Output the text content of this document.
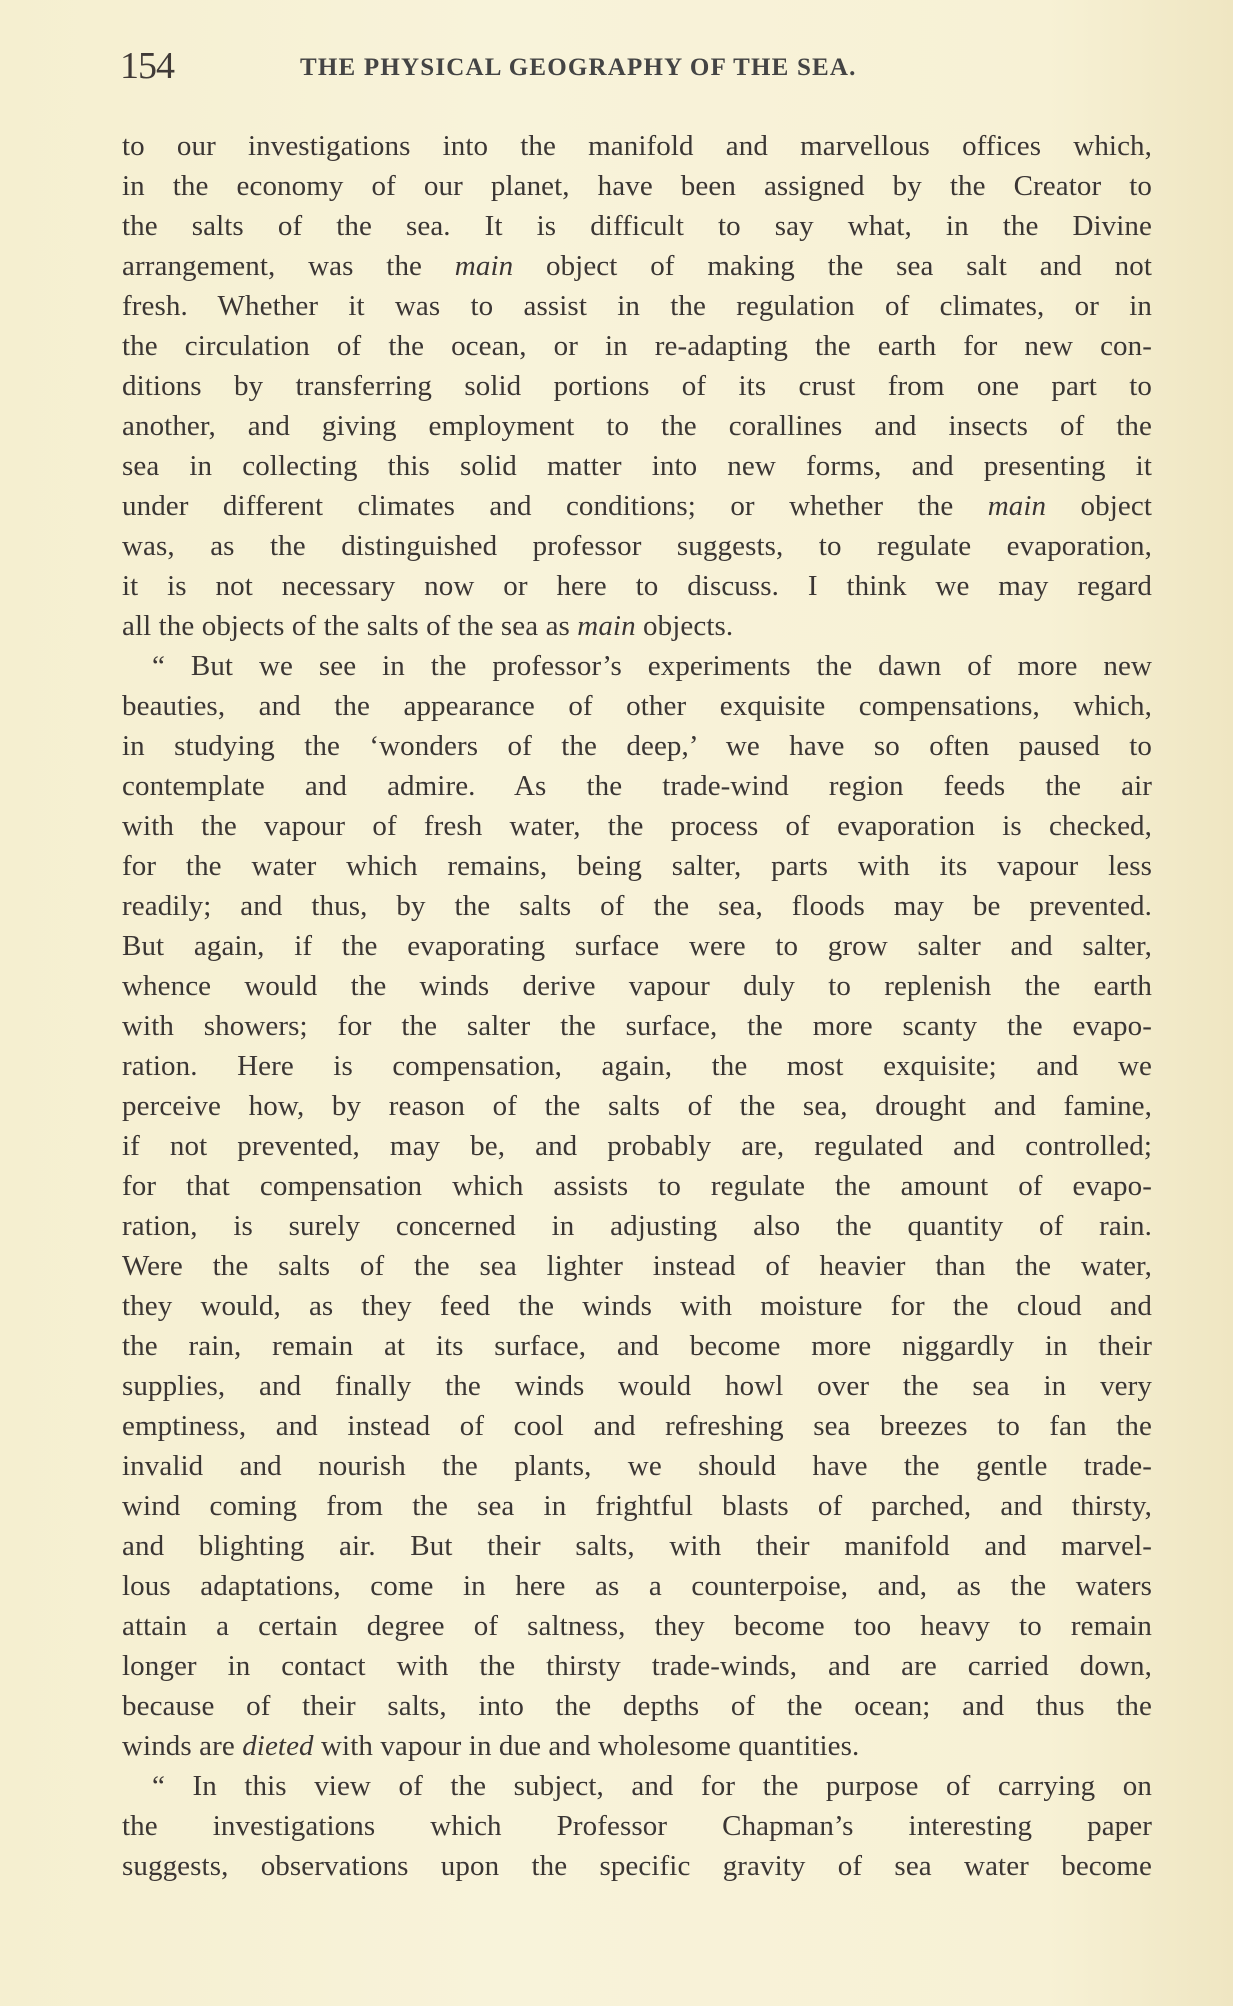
154	THE PHYSICAL GEOGRAPHY OF THE SEA.
to our investigations into the manifold and marvellous offices which,
in the economy of our planet, have been assigned by the Creator to
the salts of the sea. It is difficult to say what, in the Divine
arrangement, was the main object of making the sea salt and not
fresh. Whether it was to assist in the regulation of climates, or in
the circulation of the ocean, or in re-adapting the earth for new con-
ditions by transferring solid portions of its crust from one part to
another, and giving employment to the corallines and insects of the
sea in collecting this solid matter into new forms, and presenting it
under different climates and conditions; or whether the main object
was, as the distinguished professor suggests, to regulate evaporation,
it is not necessary now or here to discuss. I think we may regard
all the objects of the salts of the sea as main objects.
“ But we see in the professor’s experiments the dawn of more new
beauties, and the appearance of other exquisite compensations, which,
in studying the ‘wonders of the deep,’ we have so often paused to
contemplate and admire. As the trade-wind region feeds the air
with the vapour of fresh water, the process of evaporation is checked,
for the water which remains, being salter, parts with its vapour less
readily; and thus, by the salts of the sea, floods may be prevented.
But again, if the evaporating surface were to grow salter and salter,
whence would the winds derive vapour duly to replenish the earth
with showers; for the salter the surface, the more scanty the evapo-
ration. Here is compensation, again, the most exquisite; and we
perceive how, by reason of the salts of the sea, drought and famine,
if not prevented, may be, and probably are, regulated and controlled;
for that compensation which assists to regulate the amount of evapo-
ration, is surely concerned in adjusting also the quantity of rain.
Were the salts of the sea lighter instead of heavier than the water,
they would, as they feed the winds with moisture for the cloud and
the rain, remain at its surface, and become more niggardly in their
supplies, and finally the winds would howl over the sea in very
emptiness, and instead of cool and refreshing sea breezes to fan the
invalid and nourish the plants, we should have the gentle trade-
wind coming from the sea in frightful blasts of parched, and thirsty,
and blighting air. But their salts, with their manifold and marvel-
lous adaptations, come in here as a counterpoise, and, as the waters
attain a certain degree of saltness, they become too heavy to remain
longer in contact with the thirsty trade-winds, and are carried down,
because of their salts, into the depths of the ocean; and thus the
winds are dieted with vapour in due and wholesome quantities.
“ In this view of the subject, and for the purpose of carrying on
the investigations which Professor Chapman’s interesting paper
suggests, observations upon the specific gravity of sea water become
